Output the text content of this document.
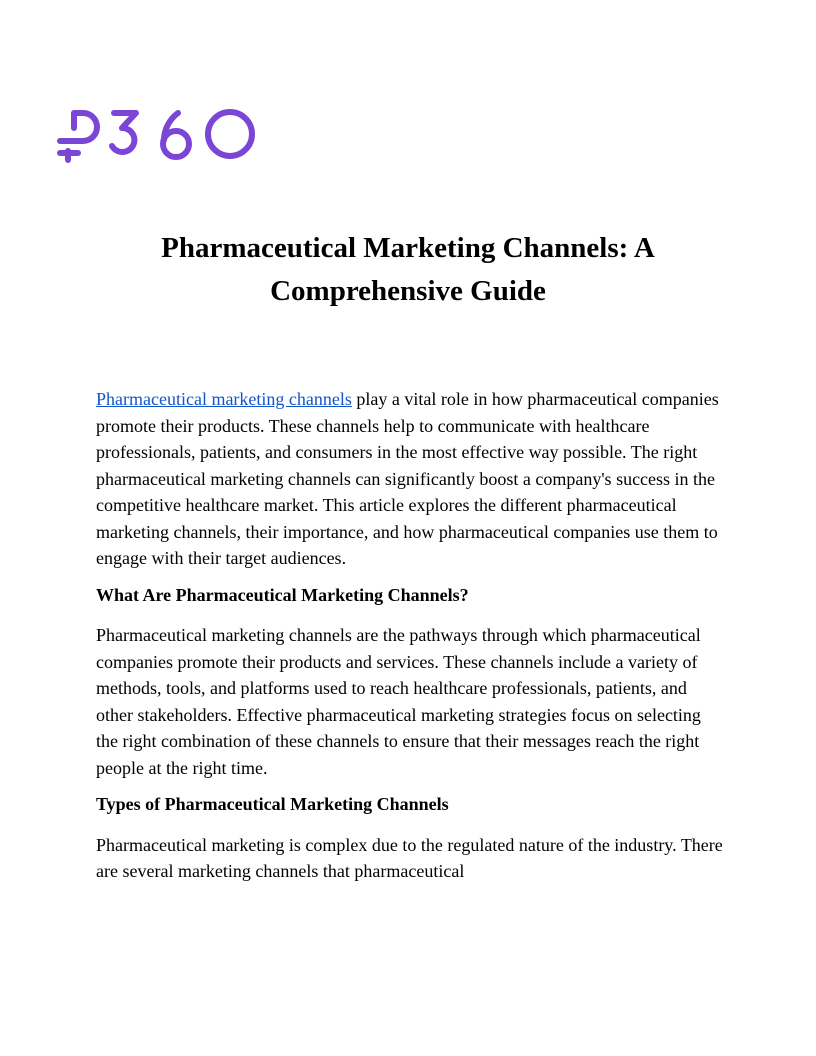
Pharmaceutical Marketing Channels: A
Comprehensive Guide

Pharmaceutical marketing channels play a vital role in how pharmaceutical companies promote their products. These channels help to communicate with healthcare professionals, patients, and consumers in the most effective way possible. The right pharmaceutical marketing channels can significantly boost a company's success in the competitive healthcare market. This article explores the different pharmaceutical marketing channels, their importance, and how pharmaceutical companies use them to engage with their target audiences.

What Are Pharmaceutical Marketing Channels?

Pharmaceutical marketing channels are the pathways through which pharmaceutical companies promote their products and services. These channels include a variety of methods, tools, and platforms used to reach healthcare professionals, patients, and other stakeholders. Effective pharmaceutical marketing strategies focus on selecting the right combination of these channels to ensure that their messages reach the right people at the right time.

Types of Pharmaceutical Marketing Channels

Pharmaceutical marketing is complex due to the regulated nature of the industry. There are several marketing channels that pharmaceutical
